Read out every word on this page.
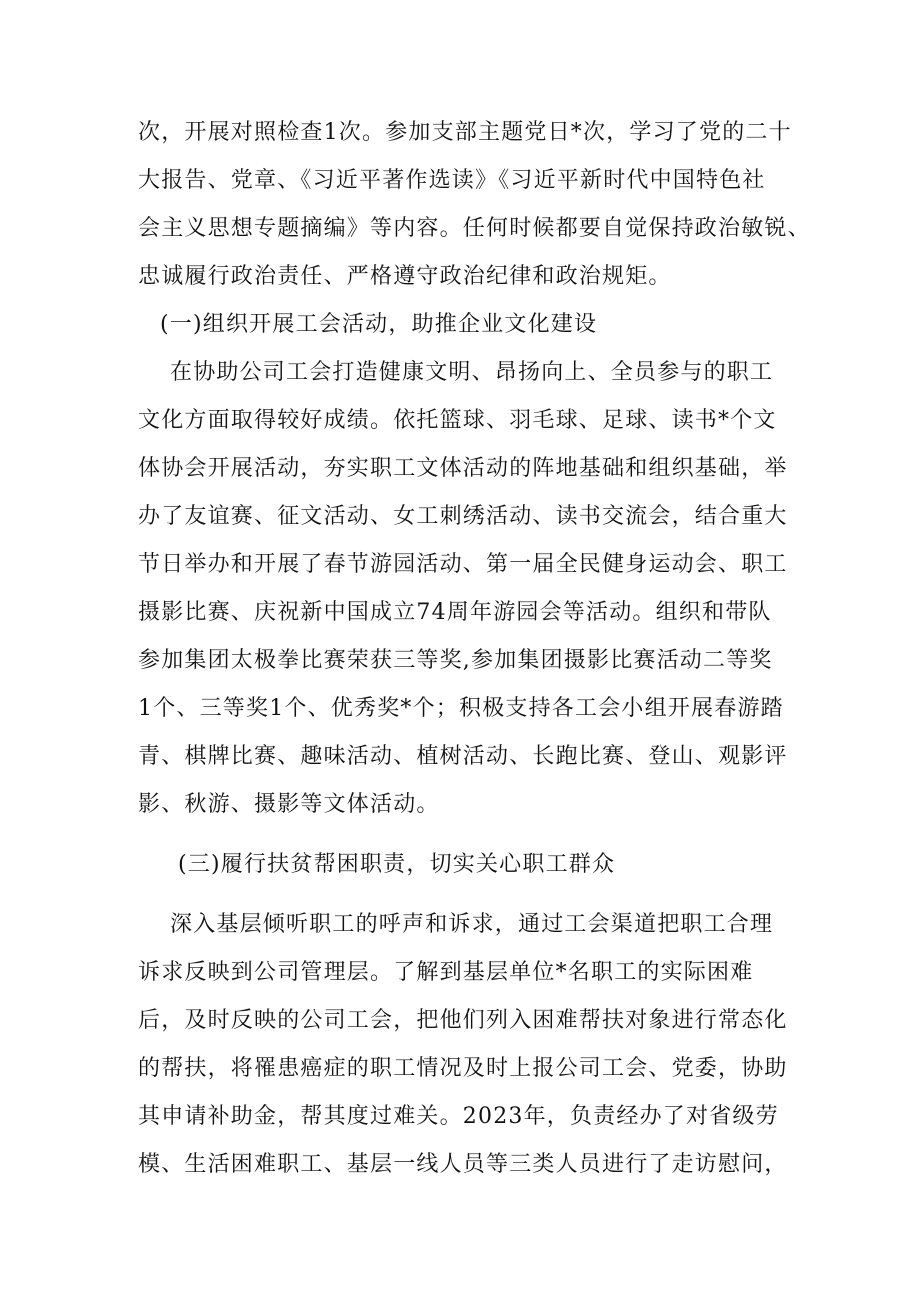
次，开展对照检查1次。参加支部主题党日*次，学习了党的二十
大报告、党章、《习近平著作选读》《习近平新时代中国特色社
会主义思想专题摘编》等内容。任何时候都要自觉保持政治敏锐、
忠诚履行政治责任、严格遵守政治纪律和政治规矩。
(一)组织开展工会活动，助推企业文化建设
在协助公司工会打造健康文明、昂扬向上、全员参与的职工
文化方面取得较好成绩。依托篮球、羽毛球、足球、读书*个文
体协会开展活动，夯实职工文体活动的阵地基础和组织基础，举
办了友谊赛、征文活动、女工刺绣活动、读书交流会，结合重大
节日举办和开展了春节游园活动、第一届全民健身运动会、职工
摄影比赛、庆祝新中国成立74周年游园会等活动。组织和带队
参加集团太极拳比赛荣获三等奖,参加集团摄影比赛活动二等奖
1个、三等奖1个、优秀奖*个；积极支持各工会小组开展春游踏
青、棋牌比赛、趣味活动、植树活动、长跑比赛、登山、观影评
影、秋游、摄影等文体活动。
(三)履行扶贫帮困职责，切实关心职工群众
深入基层倾听职工的呼声和诉求，通过工会渠道把职工合理
诉求反映到公司管理层。了解到基层单位*名职工的实际困难
后，及时反映的公司工会，把他们列入困难帮扶对象进行常态化
的帮扶，将罹患癌症的职工情况及时上报公司工会、党委，协助
其申请补助金，帮其度过难关。2023年，负责经办了对省级劳
模、生活困难职工、基层一线人员等三类人员进行了走访慰问，
